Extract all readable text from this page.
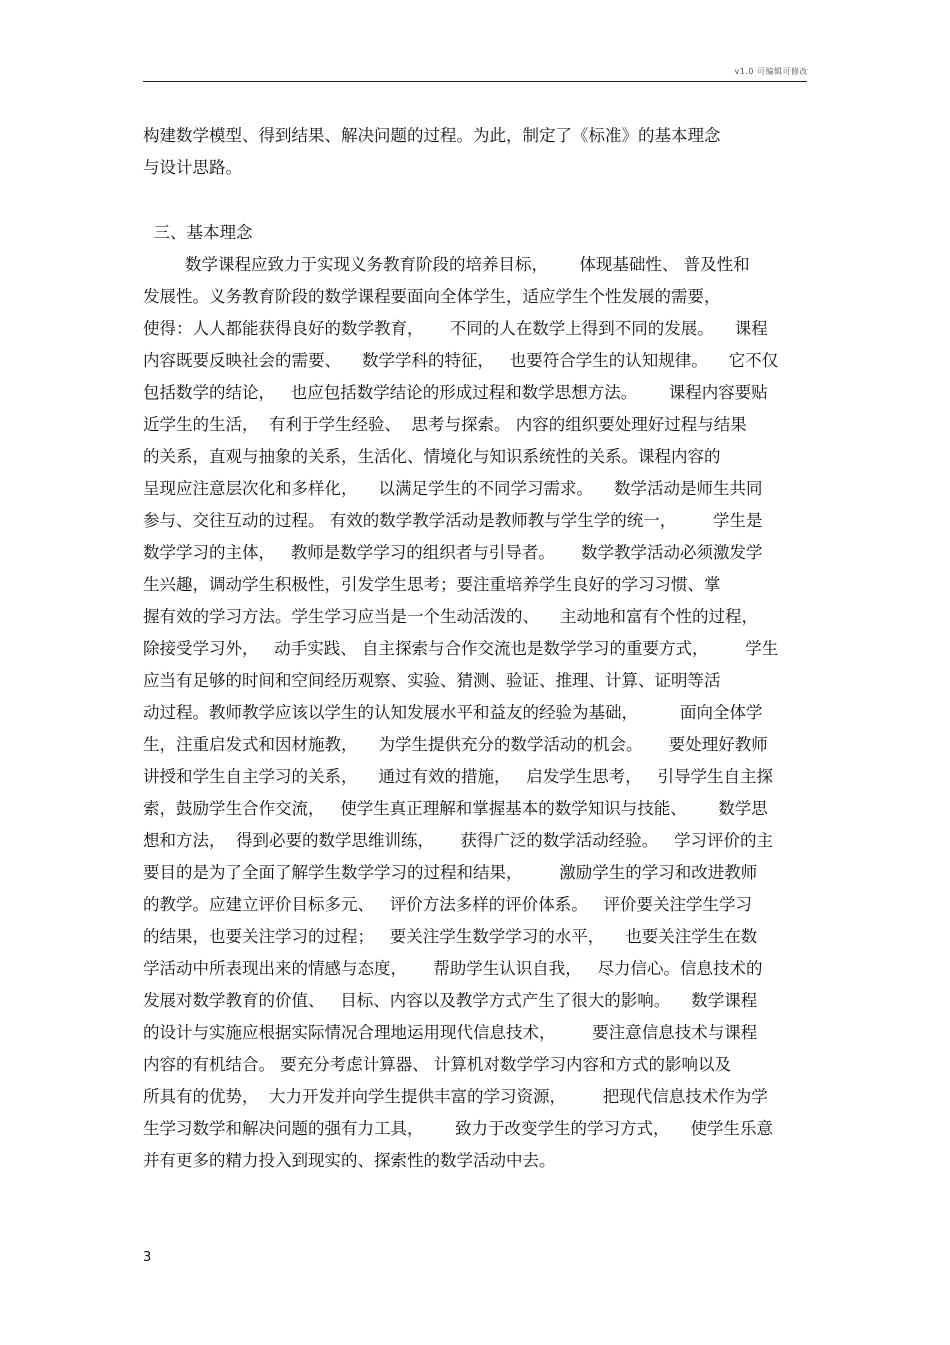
v1.0 可编辑可修改
构建数学模型、得到结果、解决问题的过程。为此，制定了《标准》的基本理念
与设计思路。
三、基本理念
数学课程应致力于实现义务教育阶段的培养目标，      体现基础性、 普及性和
发展性。义务教育阶段的数学课程要面向全体学生，适应学生个性发展的需要，
使得：人人都能获得良好的数学教育，     不同的人在数学上得到不同的发展。    课程
内容既要反映社会的需要、    数学学科的特征，   也要符合学生的认知规律。    它不仅
包括数学的结论，   也应包括数学结论的形成过程和数学思想方法。      课程内容要贴
近学生的生活，  有利于学生经验、  思考与探索。 内容的组织要处理好过程与结果
的关系，直观与抽象的关系，生活化、情境化与知识系统性的关系。课程内容的
呈现应注意层次化和多样化，    以满足学生的不同学习需求。    数学活动是师生共同
参与、交往互动的过程。 有效的数学教学活动是教师教与学生学的统一，       学生是
数学学习的主体，   教师是数学学习的组织者与引导者。     数学教学活动必须激发学
生兴趣，调动学生积极性，引发学生思考；要注重培养学生良好的学习习惯、掌
握有效的学习方法。学生学习应当是一个生动活泼的、    主动地和富有个性的过程，
除接受学习外，   动手实践、 自主探索与合作交流也是数学学习的重要方式，       学生
应当有足够的时间和空间经历观察、实验、猜测、验证、推理、计算、证明等活
动过程。教师教学应该以学生的认知发展水平和益友的经验为基础，        面向全体学
生，注重启发式和因材施教，    为学生提供充分的数学活动的机会。     要处理好教师
讲授和学生自主学习的关系，    通过有效的措施，   启发学生思考，   引导学生自主探
索，鼓励学生合作交流，   使学生真正理解和掌握基本的数学知识与技能、      数学思
想和方法，  得到必要的数学思维训练，     获得广泛的数学活动经验。   学习评价的主
要目的是为了全面了解学生数学学习的过程和结果，       激励学生的学习和改进教师
的教学。应建立评价目标多元、   评价方法多样的评价体系。   评价要关注学生学习
的结果，也要关注学习的过程；   要关注学生数学学习的水平，    也要关注学生在数
学活动中所表现出来的情感与态度，     帮助学生认识自我，   尽力信心。信息技术的
发展对数学教育的价值、   目标、内容以及教学方式产生了很大的影响。    数学课程
的设计与实施应根据实际情况合理地运用现代信息技术，       要注意信息技术与课程
内容的有机结合。 要充分考虑计算器、 计算机对数学学习内容和方式的影响以及
所具有的优势，  大力开发并向学生提供丰富的学习资源，       把现代信息技术作为学
生学习数学和解决问题的强有力工具，      致力于改变学生的学习方式，    使学生乐意
并有更多的精力投入到现实的、探索性的数学活动中去。
3
